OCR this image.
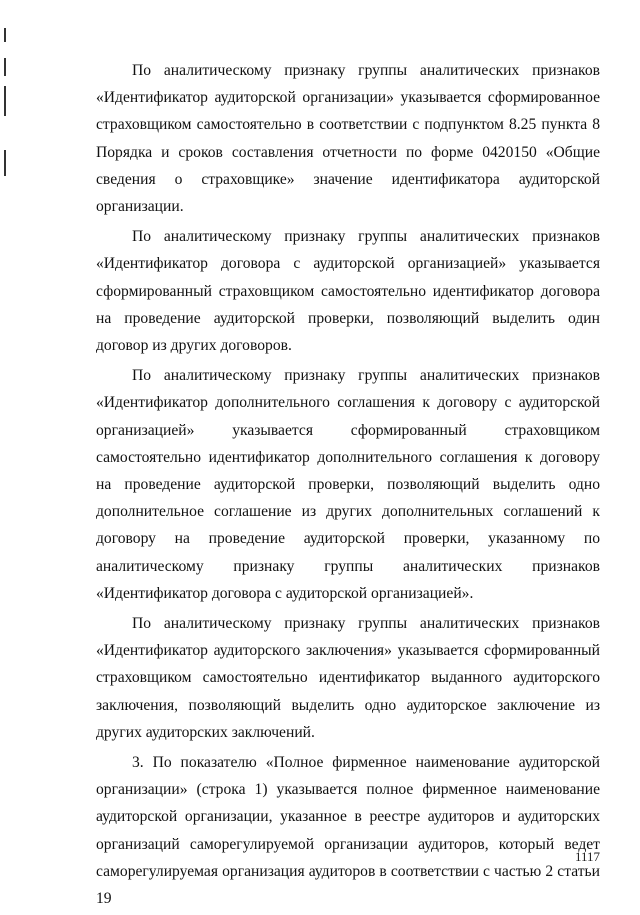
По аналитическому признаку группы аналитических признаков «Идентификатор аудиторской организации» указывается сформированное страховщиком самостоятельно в соответствии с подпунктом 8.25 пункта 8 Порядка и сроков составления отчетности по форме 0420150 «Общие сведения о страховщике» значение идентификатора аудиторской организации.

По аналитическому признаку группы аналитических признаков «Идентификатор договора с аудиторской организацией» указывается сформированный страховщиком самостоятельно идентификатор договора на проведение аудиторской проверки, позволяющий выделить один договор из других договоров.

По аналитическому признаку группы аналитических признаков «Идентификатор дополнительного соглашения к договору с аудиторской организацией» указывается сформированный страховщиком самостоятельно идентификатор дополнительного соглашения к договору на проведение аудиторской проверки, позволяющий выделить одно дополнительное соглашение из других дополнительных соглашений к договору на проведение аудиторской проверки, указанному по аналитическому признаку группы аналитических признаков «Идентификатор договора с аудиторской организацией».

По аналитическому признаку группы аналитических признаков «Идентификатор аудиторского заключения» указывается сформированный страховщиком самостоятельно идентификатор выданного аудиторского заключения, позволяющий выделить одно аудиторское заключение из других аудиторских заключений.

3. По показателю «Полное фирменное наименование аудиторской организации» (строка 1) указывается полное фирменное наименование аудиторской организации, указанное в реестре аудиторов и аудиторских организаций саморегулируемой организации аудиторов, который ведет саморегулируемая организация аудиторов в соответствии с частью 2 статьи 19

1117
